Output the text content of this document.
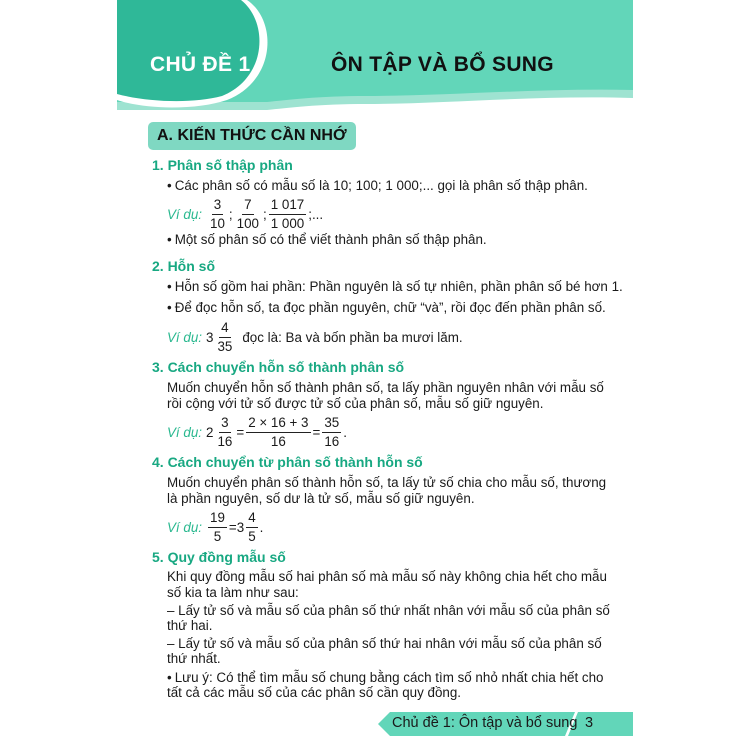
CHỦ ĐỀ 1	ÔN TẬP VÀ BỔ SUNG
A. KIẾN THỨC CẦN NHỚ
1. Phân số thập phân
• Các phân số có mẫu số là 10; 100; 1 000;... gọi là phân số thập phân.
Ví dụ:
3
10
;
7
100
;
1 017
1 000
;...
• Một số phân số có thể viết thành phân số thập phân.
2. Hỗn số
• Hỗn số gồm hai phần: Phần nguyên là số tự nhiên, phần phân số bé hơn 1.
• Để đọc hỗn số, ta đọc phần nguyên, chữ “và”, rồi đọc đến phần phân số.
Ví dụ: 3
4
35
đọc là: Ba và bốn phần ba mươi lăm.
3. Cách chuyển hỗn số thành phân số
Muốn chuyển hỗn số thành phân số, ta lấy phần nguyên nhân với mẫu số
rồi cộng với tử số được tử số của phân số, mẫu số giữ nguyên.
Ví dụ: $2 \frac{3}{16} = \frac{2 \times 16 + 3}{16} = \frac{35}{16}$ .
4. Cách chuyển từ phân số thành hỗn số
Muốn chuyển phân số thành hỗn số, ta lấy tử số chia cho mẫu số, thương
là phần nguyên, số dư là tử số, mẫu số giữ nguyên.
Ví dụ: $\frac{19}{5} = 3$
4
5
.
5. Quy đồng mẫu số
Khi quy đồng mẫu số hai phân số mà mẫu số này không chia hết cho mẫu
số kia ta làm như sau:
– Lấy tử số và mẫu số của phân số thứ nhất nhân với mẫu số của phân số
thứ hai.
– Lấy tử số và mẫu số của phân số thứ hai nhân với mẫu số của phân số
thứ nhất.
• Lưu ý: Có thể tìm mẫu số chung bằng cách tìm số nhỏ nhất chia hết cho
tất cả các mẫu số của các phân số cần quy đồng.
Chủ đề 1: Ôn tập và bổ sung 3
